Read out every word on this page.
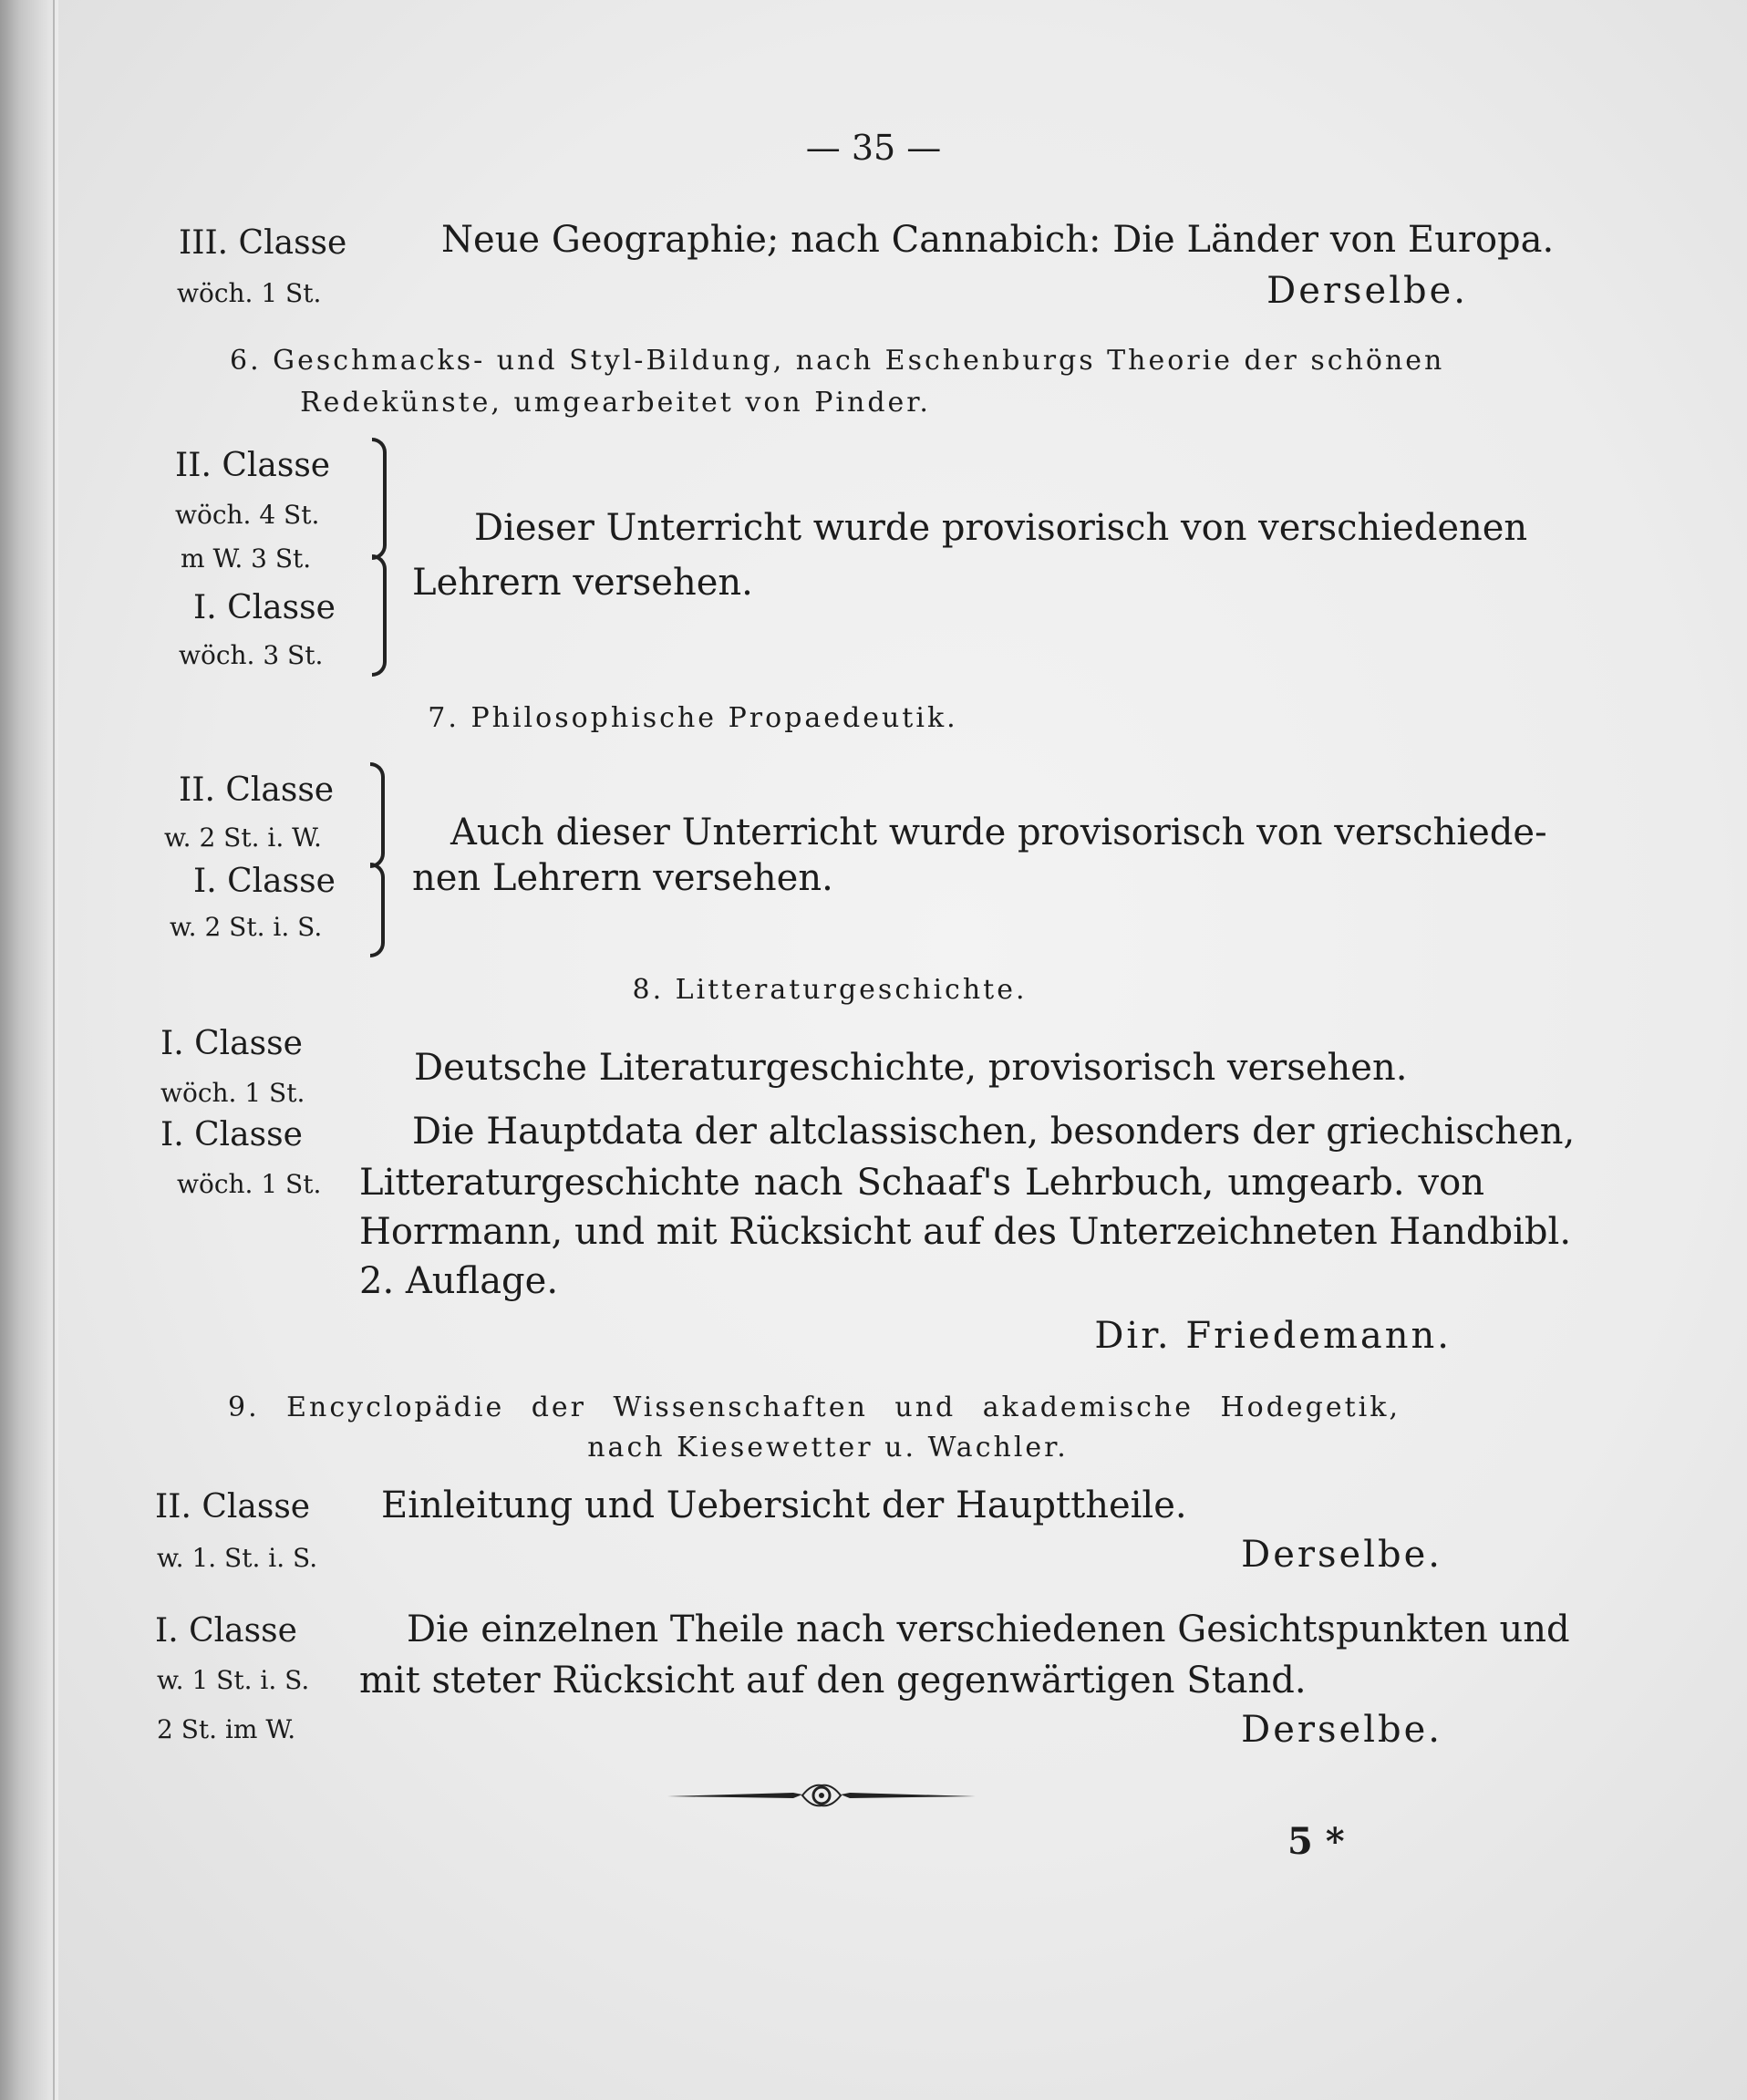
— 35 —
III. Classe
wöch. 1 St.
Neue Geographie; nach Cannabich: Die Länder von Europa.
Derselbe.
6. Geschmacks- und Styl-Bildung, nach Eschenburgs Theorie der schönen
Redekünste, umgearbeitet von Pinder.
II. Classe
wöch. 4 St.
m W. 3 St.
I. Classe
wöch. 3 St.
Dieser Unterricht wurde provisorisch von verschiedenen
Lehrern versehen.
7. Philosophische Propaedeutik.
II. Classe
w. 2 St. i. W.
I. Classe
w. 2 St. i. S.
Auch dieser Unterricht wurde provisorisch von verschiede-
nen Lehrern versehen.
8. Litteraturgeschichte.
I. Classe
wöch. 1 St.
Deutsche Literaturgeschichte, provisorisch versehen.
I. Classe
wöch. 1 St.
Die Hauptdata der altclassischen, besonders der griechischen,
Litteraturgeschichte nach Schaaf's Lehrbuch, umgearb. von
Horrmann, und mit Rücksicht auf des Unterzeichneten Handbibl.
2. Auflage.
Dir. Friedemann.
9. Encyclopädie der Wissenschaften und akademische Hodegetik,
nach Kiesewetter u. Wachler.
II. Classe
w. 1. St. i. S.
Einleitung und Uebersicht der Haupttheile.
Derselbe.
I. Classe
w. 1 St. i. S.
2 St. im W.
Die einzelnen Theile nach verschiedenen Gesichtspunkten und
mit steter Rücksicht auf den gegenwärtigen Stand.
Derselbe.
5 *
